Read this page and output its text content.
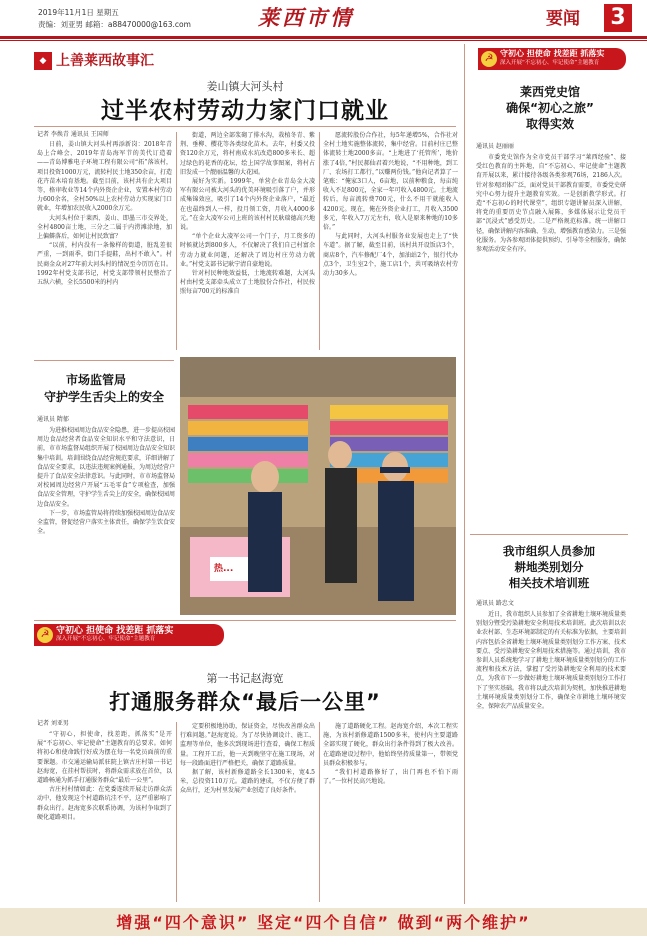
2019年11月1日 星期五
责编：刘亚男 邮箱：a88470000@163.com	莱西市情	要闻 3
◆ 上善莱西故事汇
姜山镇大河头村
过半农村劳动力家门口就业
记者 李焕青 通讯员 王国师

日前，姜山镇大河头村再添新岗：2018年青岛上合峰会、2019年青岛海军节的美代订造着——青岛博雅电子环境工程有限公司“拓”落该村，项目投资1000万元，流转村民土地350余亩，打造花卉苗木培育基地。截至目前，该村共有企大项目等，格审收业等14个内外资企企业，安置本村劳动力600余名，全村50%以上农村劳动力实现家门口就业，年增加农民收入2000余万元。

大河头村位于莱西、姜山、即墨三市交界处，全村4800亩土地，三分之二属于内涝滩涂地，加上偏僻落后，如何让村民致富？

“以前，村内没有一条像样的街道，脏乱差很严重，一到雨季，街门手提鞋，出村不敢入”。村民商金众对27年前大河头村的情况至今历历在目。1992年村党支部书记，村党支部带领村民整治了五纵六横，全长5500米的村内

街道，两边全部浆砌了排水沟，栽植冬青、紫荆、垂柳、樱花等各类绿化苗木。去年，村委又投资120余万元，将村南成水坑改造800多米长、超过绿色的花香的花坛，绘上国学故事图案，将村占旧发成一个靓丽温馨的大花园。

展好为实新。1999年，单营企业青岛金大凌军有限公司被大河头的优美环境吸引落了户，并形成集锦效应，吸引了14个内外资企业落户，“最近在也最终到人一样，投月领工资，月收入4000多元。”在金大凌军公司上班的该村村民耿瑞德高兴地说。

“单个企业大凌军公司一个门子，月工资多的时候就达到800多人，不仅解决了我们自己村富余劳动力就业问题，还解决了周边村庄劳动力就业。”村党支部书记耿宁清自豪地说。

针对村民种地效益低，土地流转难题，大河头村由村党支部牵头成立了土地股份合作社，村民按照每亩700元的标准自

愿流转股份合作社，每5年递增5%，合作社对全村土地实施整体流转，集中经营。目前村庄已整体流转土地2000多亩。“上地进了‘托管所’，地价涨了4倍，”村民郝仙君着兴地说，“不用种地，到工厂、农场打工都行，”以赚两份钱。”他向记者算了一笔账：“俺家3口人，6亩地，以前种粮食，每亩纯收入不足800元，全家一年可收入4800元。土地流转后，每亩流转费700元，什么不用干就能收入4200元。现在，俺在外资企业打工，月收入3500多元，年收入7万元左右，收入是原来种地的10多倍。”

与此同时，大河头村服务业发展也走上了“快车道”。据了解，截至目前，该村共开设饭店3个，商店8个，汽车修配厂4个，加油站2个，银行代办点3个，卫生室2个，施工店1个，共可吸纳农村劳动力30多人。

市场监管局
守护学生舌尖上的安全
通讯员 隋郁

为进推校园周边食品安全隐患，进一步提高校园周边食品经营者食品安全知识水平和守法意识，日前，市市场监督局组织开展了校园周边食品安全知识集中培训。培训围绕食品经营规范要求，详细讲解了食品安全要求，以违法违规案例通报，为周边经营户提升了食品安全法律意识。与此同时，市市场监督局对校园周边经营户开展“五毛零食”专项检查，加强食品安全管理，守护学生舌尖上的安全，确保校园周边食品安全。

下一步，市场监管局将持续加强校园周边食品安全监管，督促经营户落实主体责任，确保学生饮食安全。

热...
☭ 守初心 担使命 找差距 抓落实
深入开展“不忘初心、牢记使命”主题教育
莱西党史馆
确保“初心之旅”
取得实效
通讯员 赵丽丽

市委党史馆作为全市党员干部学习“莱西经验”、接受红色教育的主阵地，自“不忘初心、牢记使命”主题教育开展以来，累计接待各级各类参观76场，2186人次。针对参观团体广泛，面对党员干部教育需要，市委党史研究中心努力提升主题教育实效。一是创新教学形式。打造“不忘初心的时代课堂”，组织专题讲解员深入讲解，将党的重要历史节点融入展陈，多媒体展示让党员干部“沉浸式”感受历史。二是严格规范标准。统一讲解口径，确保讲解内容准确、生动，增强教育感染力。三是强化服务。为各参观团体提供预约、引导等全程服务，确保参观活动安全有序。

我市组织人员参加
耕地类别划分
相关技术培训班
通讯员 路忠文

近日，我市组织人员参加了全省耕地土壤环境质量类别划分暨受污染耕地安全利用技术培训班。此次培训以农业农村部、生态环境部制定的有关标准为依据，主要培训内容包括全省耕地土壤环境质量类别划分工作方案、技术要点、受污染耕地安全利用技术措施等。通过培训，我市参训人员系统地学习了耕地土壤环境质量类别划分的工作流程和技术方法，掌握了受污染耕地安全利用的技术要点，为我市下一步做好耕地土壤环境质量类别划分工作打下了坚实基础。我市将以此次培训为契机，加快推进耕地土壤环境质量类别划分工作，确保全市耕地土壤环境安全，保障农产品质量安全。

☭ 守初心 担使命 找差距 抓落实
深入开展“不忘初心、牢记使命”主题教育
第一书记赵海宽
打通服务群众“最后一公里”
记者 刘亚男

“守初心，担使命，找差距，抓落实”是开展“不忘初心、牢记使命”主题教育的总要求。如何将初心和使命践行好成为摆在每一名党员面前的重要课题。市交通运输局派驻院上镇古庄村第一书记赵海宽，在挂村帮扶时，将群众需求放在首位，以道路畅通为抓手打通服务群众“最后一公里”。

古庄村村情如此：在党委连续开展走访群众活动中，他发现这个村道路坑洼不平，这严重影响了群众出行。赵海宽多次联系协调，为该村争取到了硬化道路项目。

定要积极地协助，保证资金，尽快改善群众出行难问题。”赵海宽说。为了尽快协调设计、施工、监理等单位，他多次到现场进行查看，确保工程质量。工程开工后，他一天到晚坚守在施工现场，对每一段路面进行严格把关，确保了道路质量。

据了解，该村新修道路全长1300米，宽4.5米，总投资110万元。道路的建成，不仅方便了群众出行，还为村里发展产业创造了良好条件。

施了道路硬化工程。赵海宽介绍，本次工程实施，为该村新修道路1500多米，使村内主要道路全部实现了硬化，群众出行条件得到了极大改善。在道路建设过程中，他始终坚持质量第一，带领党员群众积极参与。

“我们村道路修好了，出门再也不怕下雨了。”一位村民高兴地说。

增强“四个意识” 坚定“四个自信” 做到“两个维护”
